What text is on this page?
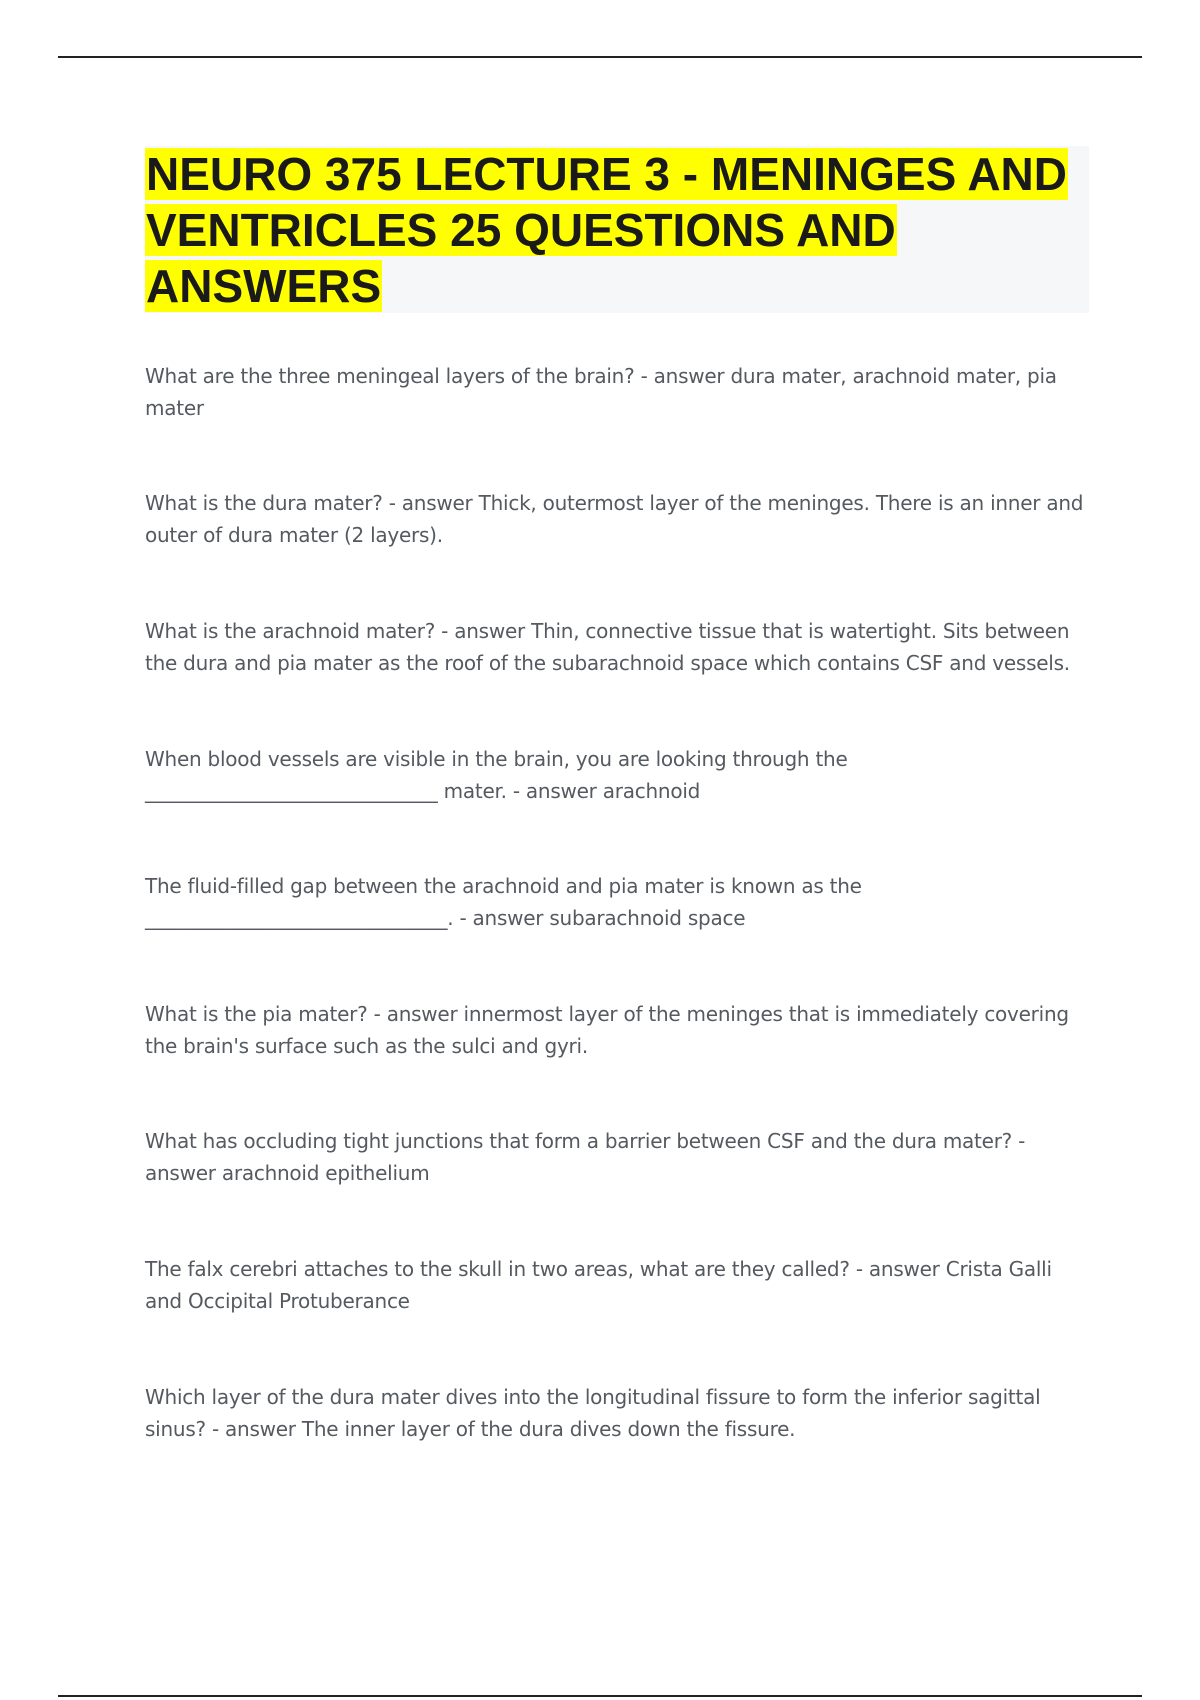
NEURO 375 LECTURE 3 - MENINGES AND VENTRICLES 25 QUESTIONS AND ANSWERS

What are the three meningeal layers of the brain? - answer dura mater, arachnoid mater, pia mater

What is the dura mater? - answer Thick, outermost layer of the meninges. There is an inner and outer of dura mater (2 layers).

What is the arachnoid mater? - answer Thin, connective tissue that is watertight. Sits between the dura and pia mater as the roof of the subarachnoid space which contains CSF and vessels.

When blood vessels are visible in the brain, you are looking through the ______________________________ mater. - answer arachnoid

The fluid-filled gap between the arachnoid and pia mater is known as the _______________________________. - answer subarachnoid space

What is the pia mater? - answer innermost layer of the meninges that is immediately covering the brain's surface such as the sulci and gyri.

What has occluding tight junctions that form a barrier between CSF and the dura mater? - answer arachnoid epithelium

The falx cerebri attaches to the skull in two areas, what are they called? - answer Crista Galli and Occipital Protuberance

Which layer of the dura mater dives into the longitudinal fissure to form the inferior sagittal sinus? - answer The inner layer of the dura dives down the fissure.
